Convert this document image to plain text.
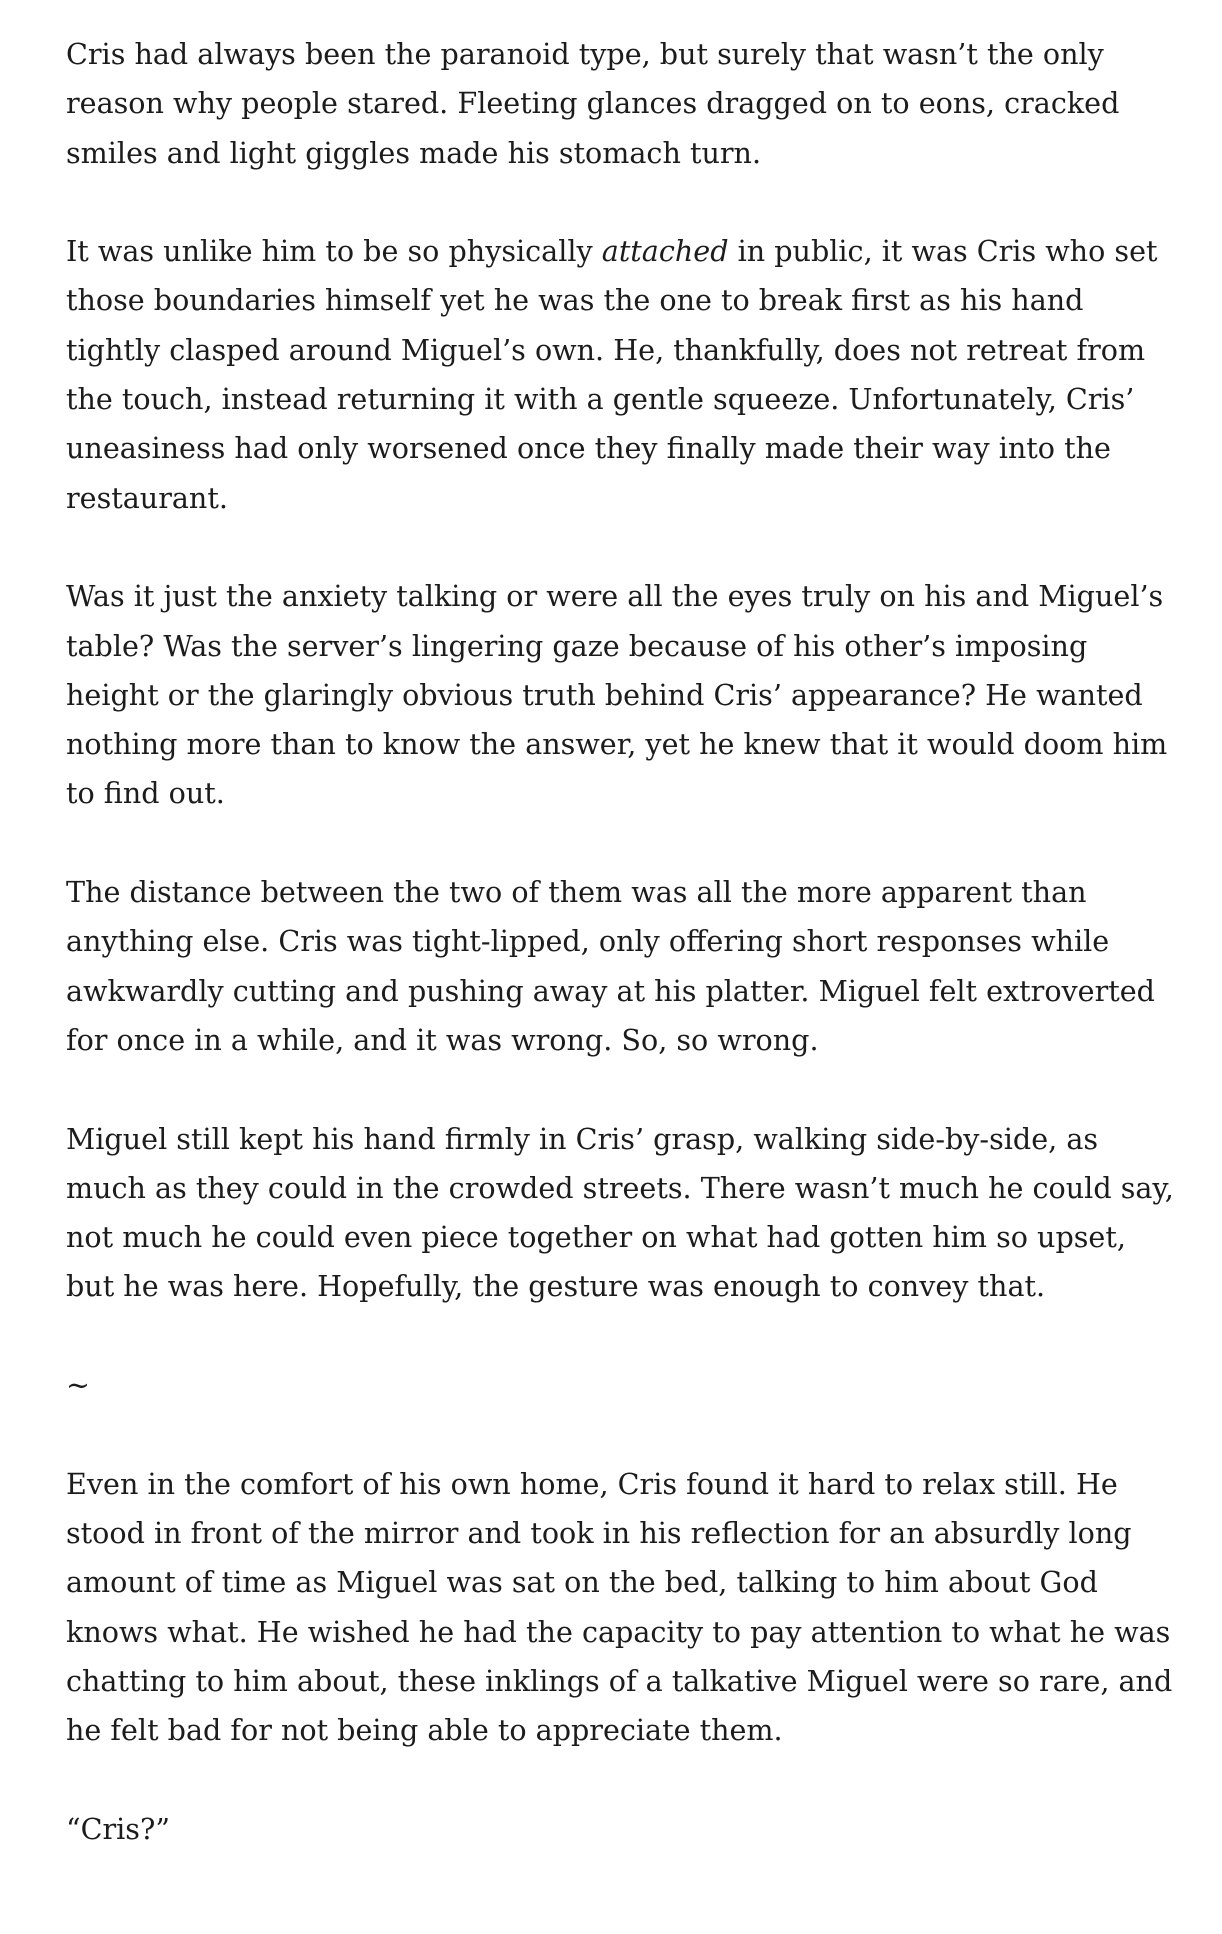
Cris had always been the paranoid type, but surely that wasn’t the only reason why people stared. Fleeting glances dragged on to eons, cracked smiles and light giggles made his stomach turn.

It was unlike him to be so physically attached in public, it was Cris who set those boundaries himself yet he was the one to break first as his hand tightly clasped around Miguel’s own. He, thankfully, does not retreat from the touch, instead returning it with a gentle squeeze. Unfortunately, Cris’ uneasiness had only worsened once they finally made their way into the restaurant.

Was it just the anxiety talking or were all the eyes truly on his and Miguel’s table? Was the server’s lingering gaze because of his other’s imposing height or the glaringly obvious truth behind Cris’ appearance? He wanted nothing more than to know the answer, yet he knew that it would doom him to find out.

The distance between the two of them was all the more apparent than anything else. Cris was tight-lipped, only offering short responses while awkwardly cutting and pushing away at his platter. Miguel felt extroverted for once in a while, and it was wrong. So, so wrong.

Miguel still kept his hand firmly in Cris’ grasp, walking side-by-side, as much as they could in the crowded streets. There wasn’t much he could say, not much he could even piece together on what had gotten him so upset, but he was here. Hopefully, the gesture was enough to convey that.

~

Even in the comfort of his own home, Cris found it hard to relax still. He stood in front of the mirror and took in his reflection for an absurdly long amount of time as Miguel was sat on the bed, talking to him about God knows what. He wished he had the capacity to pay attention to what he was chatting to him about, these inklings of a talkative Miguel were so rare, and he felt bad for not being able to appreciate them.

“Cris?”
